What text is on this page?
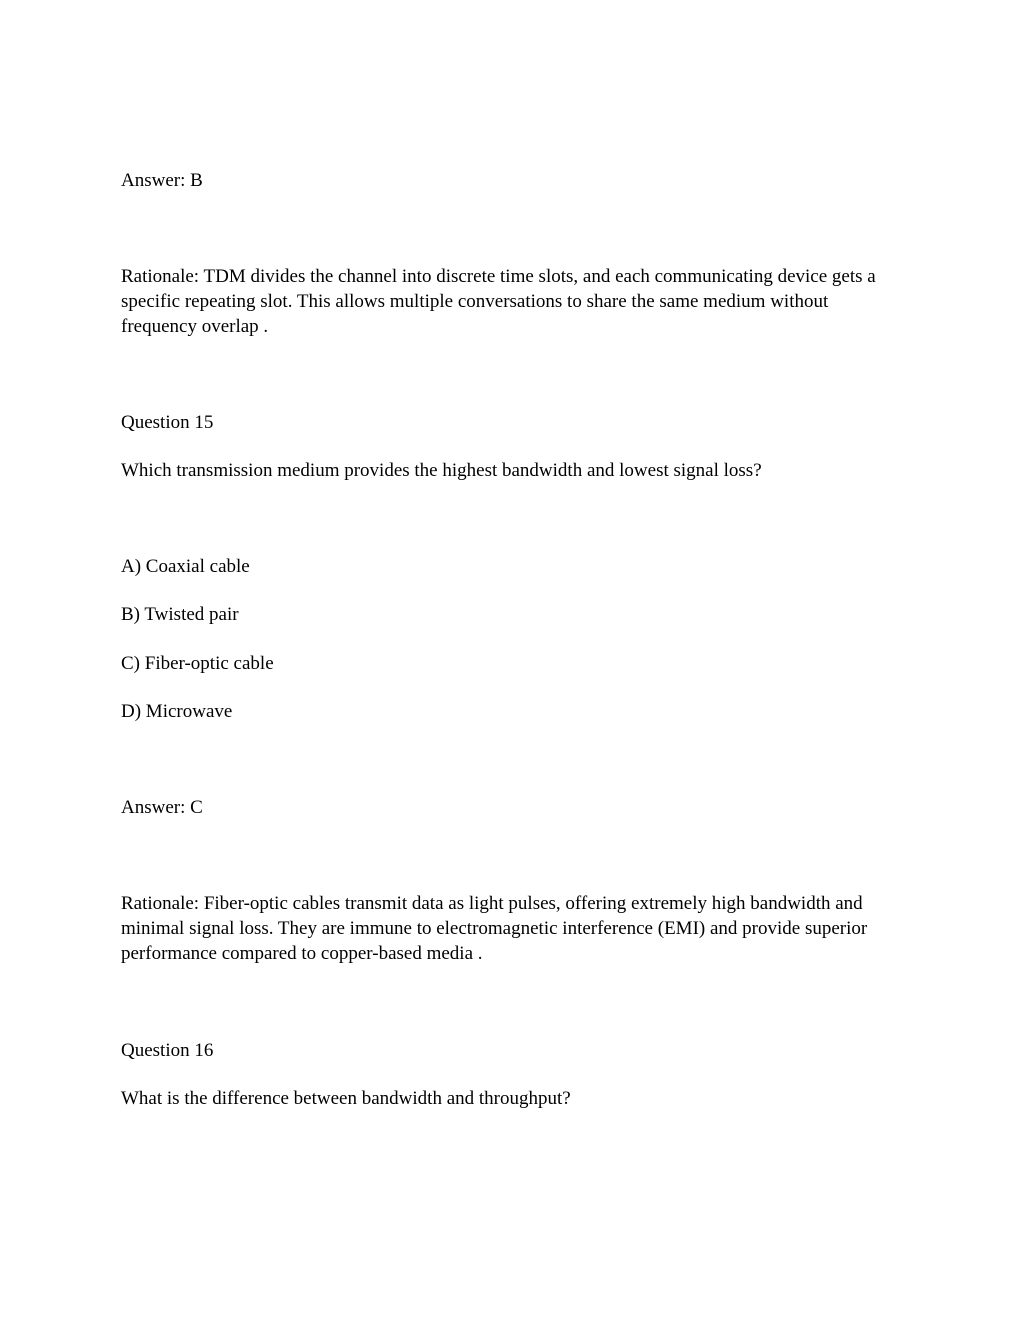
Answer: B

Rationale: TDM divides the channel into discrete time slots, and each communicating device gets a specific repeating slot. This allows multiple conversations to share the same medium without frequency overlap .

Question 15

Which transmission medium provides the highest bandwidth and lowest signal loss?

A) Coaxial cable

B) Twisted pair

C) Fiber-optic cable

D) Microwave

Answer: C

Rationale: Fiber-optic cables transmit data as light pulses, offering extremely high bandwidth and minimal signal loss. They are immune to electromagnetic interference (EMI) and provide superior performance compared to copper-based media .

Question 16

What is the difference between bandwidth and throughput?
